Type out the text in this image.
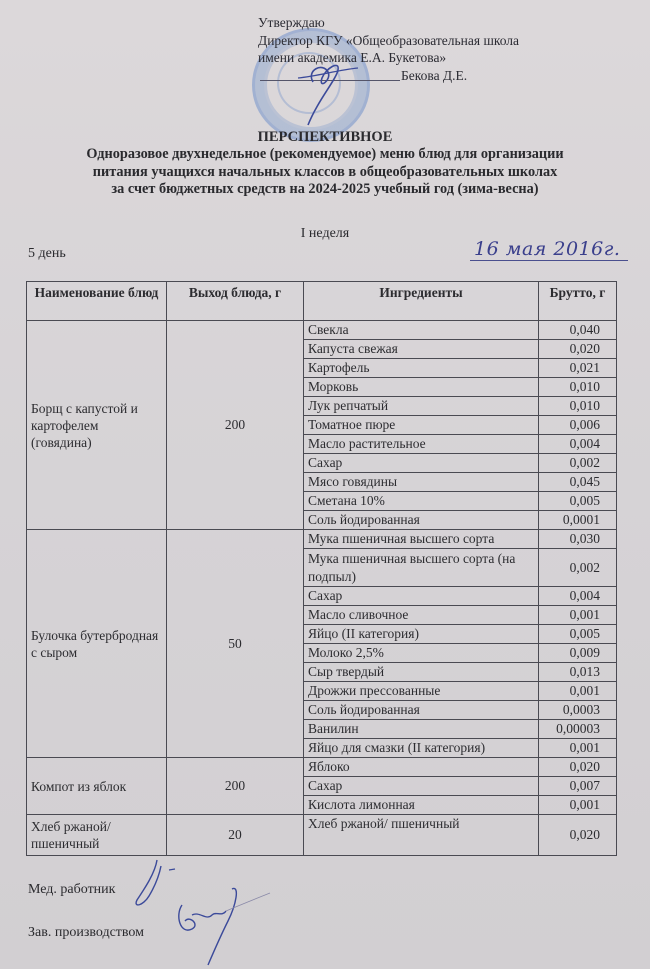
Утверждаю
Директор КГУ «Общеобразовательная школа
имени академика Е.А. Букетова»
Бекова Д.Е.
ПЕРСПЕКТИВНОЕ
Одноразовое двухнедельное (рекомендуемое) меню блюд для организации
питания учащихся начальных классов в общеобразовательных школах
за счет бюджетных средств на 2024-2025 учебный год (зима-весна)
I неделя
5 день	16 мая 2016г.
Наименование блюд	Выход блюда, г	Ингредиенты	Брутто, г
Борщ с капустой и картофелем (говядина)	200	Свекла	0,040
		Капуста свежая	0,020
		Картофель	0,021
		Морковь	0,010
		Лук репчатый	0,010
		Томатное пюре	0,006
		Масло растительное	0,004
		Сахар	0,002
		Мясо говядины	0,045
		Сметана 10%	0,005
		Соль йодированная	0,0001
Булочка бутербродная с сыром	50	Мука пшеничная высшего сорта	0,030
		Мука пшеничная высшего сорта (на подпыл)	0,002
		Сахар	0,004
		Масло сливочное	0,001
		Яйцо (II категория)	0,005
		Молоко 2,5%	0,009
		Сыр твердый	0,013
		Дрожжи прессованные	0,001
		Соль йодированная	0,0003
		Ванилин	0,00003
		Яйцо для смазки (II категория)	0,001
Компот из яблок	200	Яблоко	0,020
		Сахар	0,007
		Кислота лимонная	0,001
Хлеб ржаной/ пшеничный	20	Хлеб ржаной/ пшеничный	0,020
Мед. работник
Зав. производством
